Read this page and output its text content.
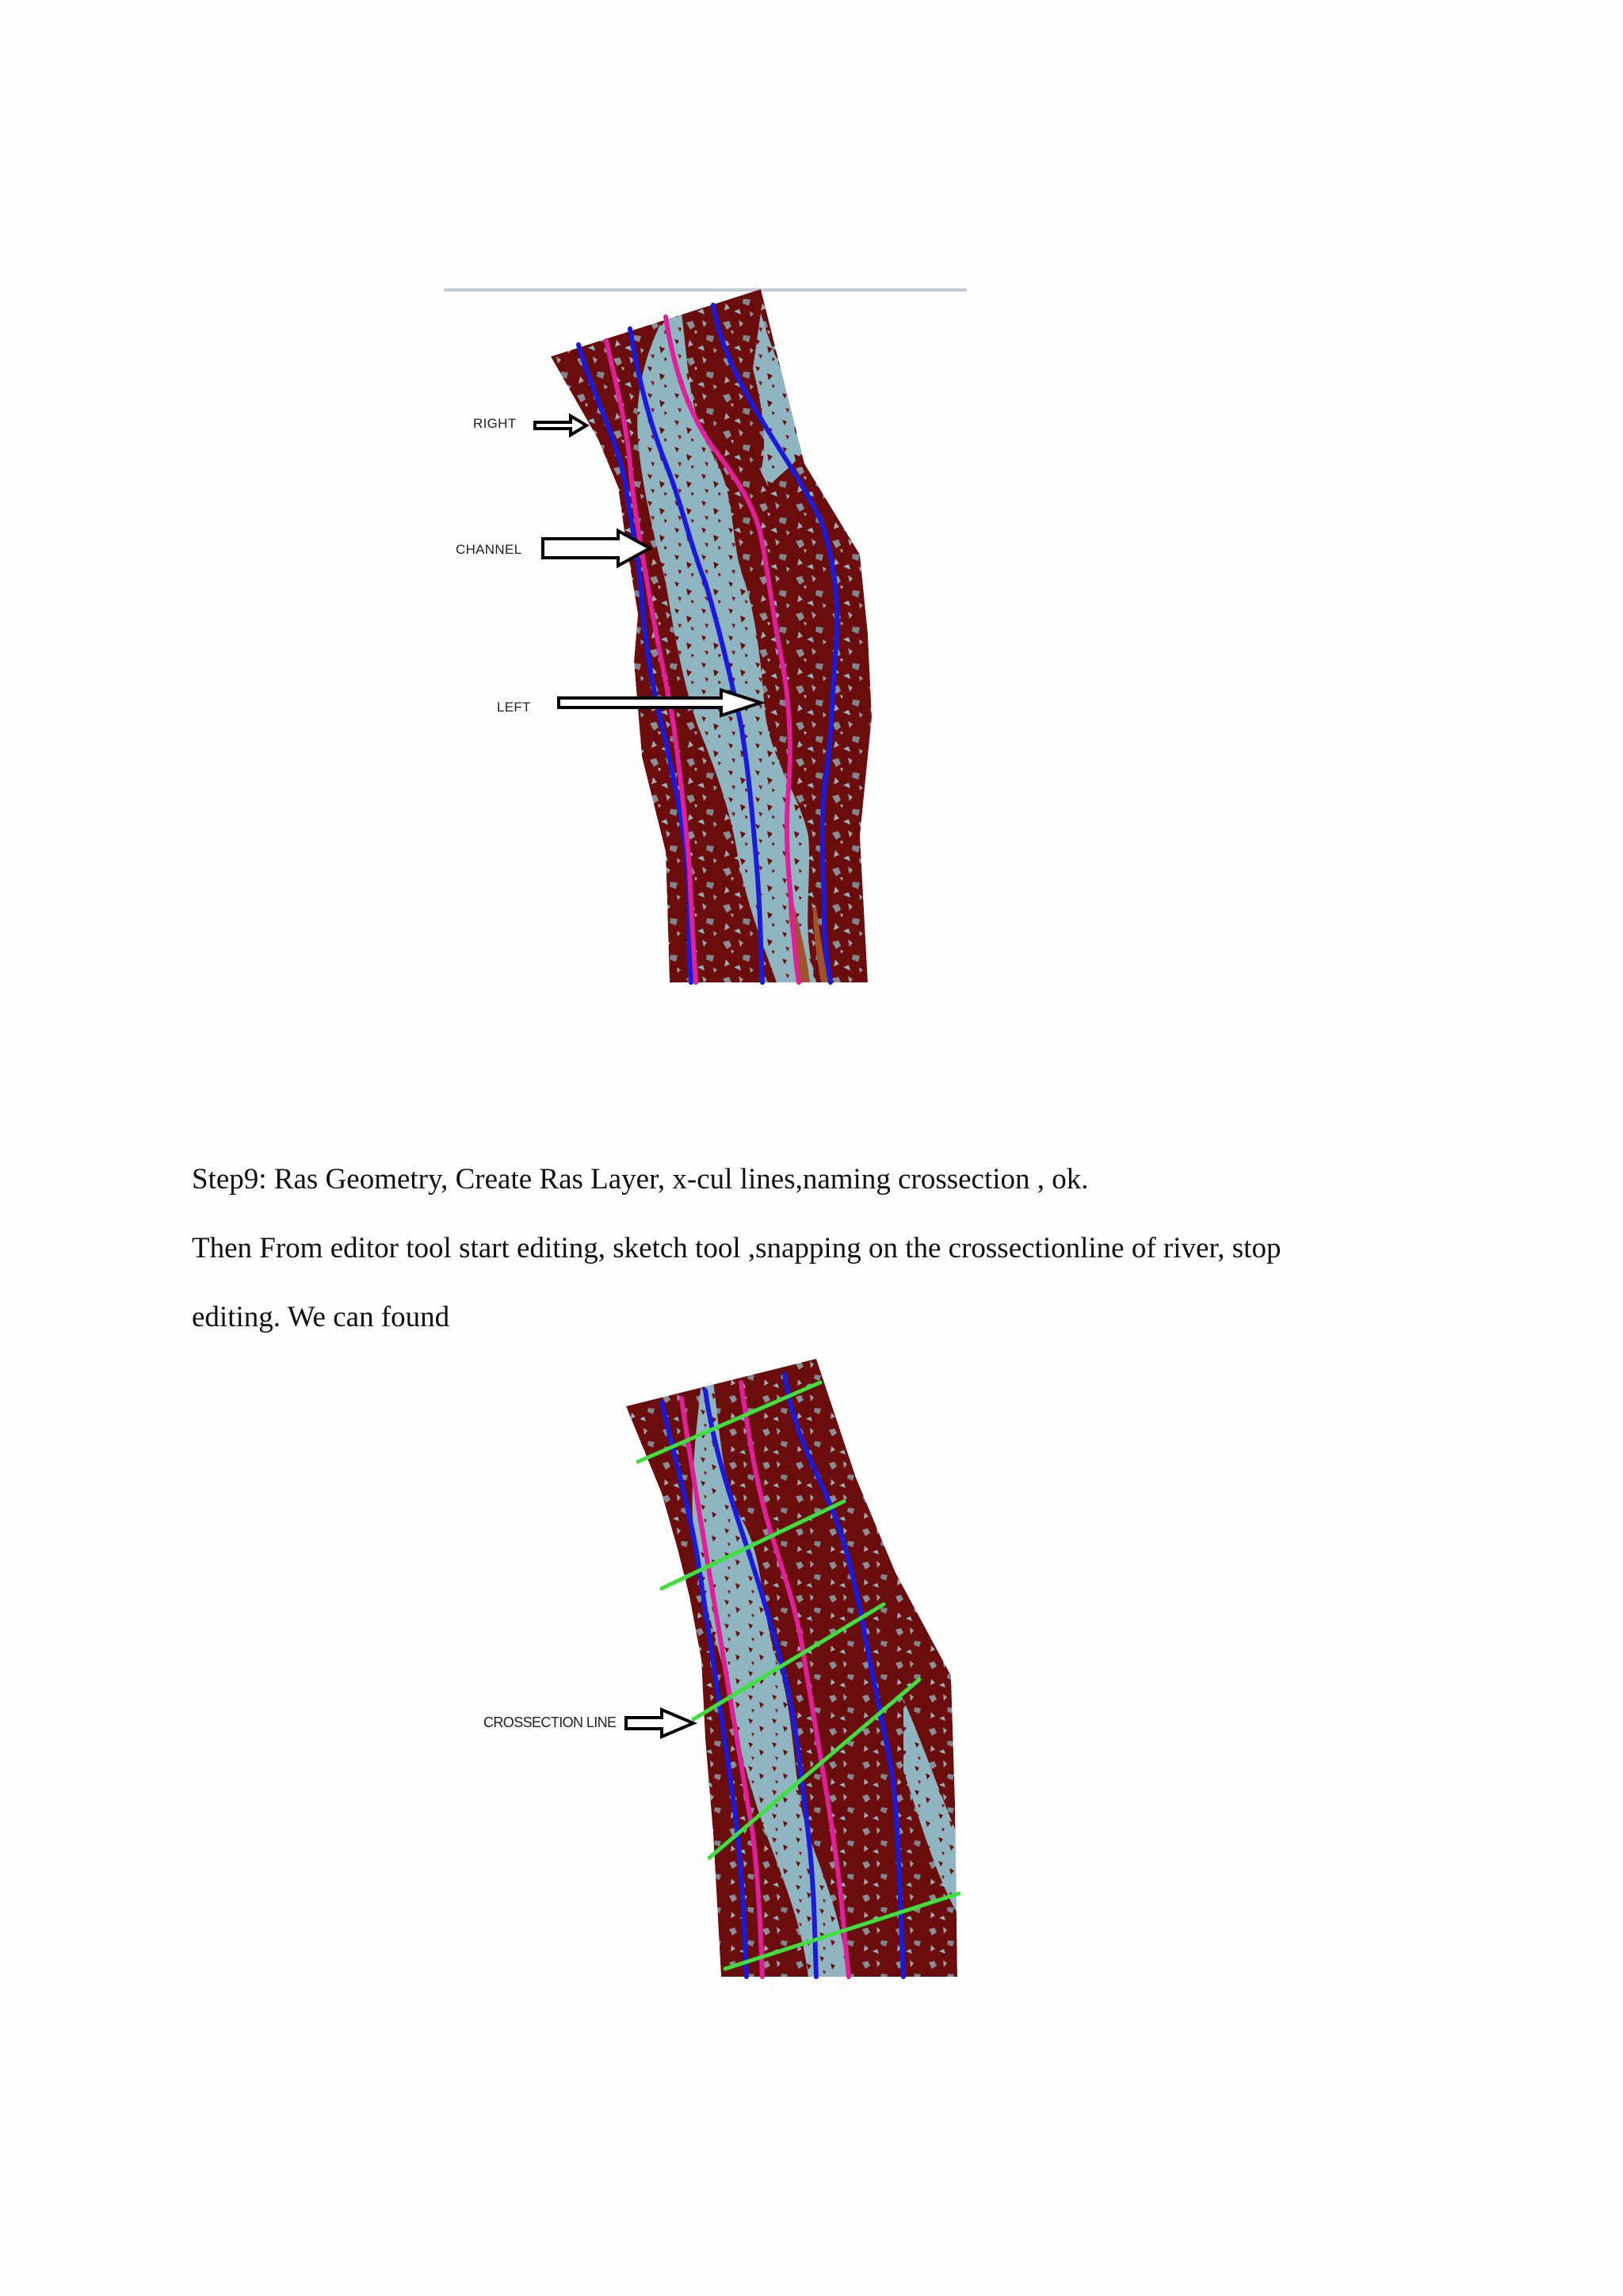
RIGHT

CHANNEL

LEFT

Step9: Ras Geometry, Create Ras Layer, x-cul lines,naming crossection , ok.

Then From editor tool start editing, sketch tool ,snapping on the crossectionline of river, stop

editing. We can found

CROSSECTION LINE
